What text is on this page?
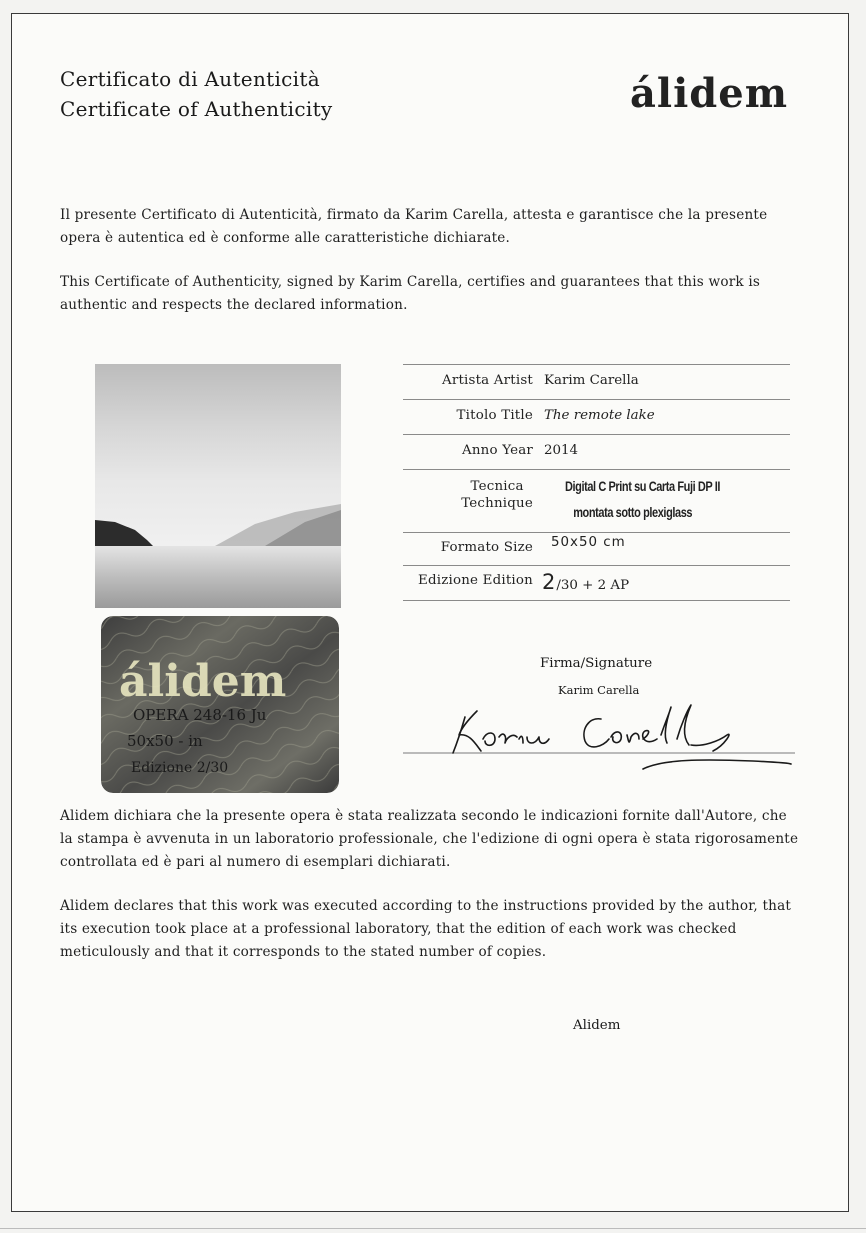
Certificato di Autenticità
Certificate of Authenticity	álidem
Il presente Certificato di Autenticità, firmato da Karim Carella, attesta e garantisce che la presente opera è autentica ed è conforme alle caratteristiche dichiarate.
This Certificate of Authenticity, signed by Karim Carella, certifies and guarantees that this work is authentic and respects the declared information.
álidem
OPERA 248-16 Ju
50x50 - in
Edizione 2/30
Artista Artist Karim Carella
Titolo Title The remote lake
Anno Year 2014
Tecnica
Technique
Digital C Print su Carta Fuji DP II
montata sotto plexiglass
Formato Size 50x50 cm
Edizione Edition 2/30 + 2 AP
Firma/Signature
Karim Carella
Alidem dichiara che la presente opera è stata realizzata secondo le indicazioni fornite dall'Autore, che la stampa è avvenuta in un laboratorio professionale, che l'edizione di ogni opera è stata rigorosamente controllata ed è pari al numero di esemplari dichiarati.
Alidem declares that this work was executed according to the instructions provided by the author, that its execution took place at a professional laboratory, that the edition of each work was checked meticulously and that it corresponds to the stated number of copies.
Alidem
